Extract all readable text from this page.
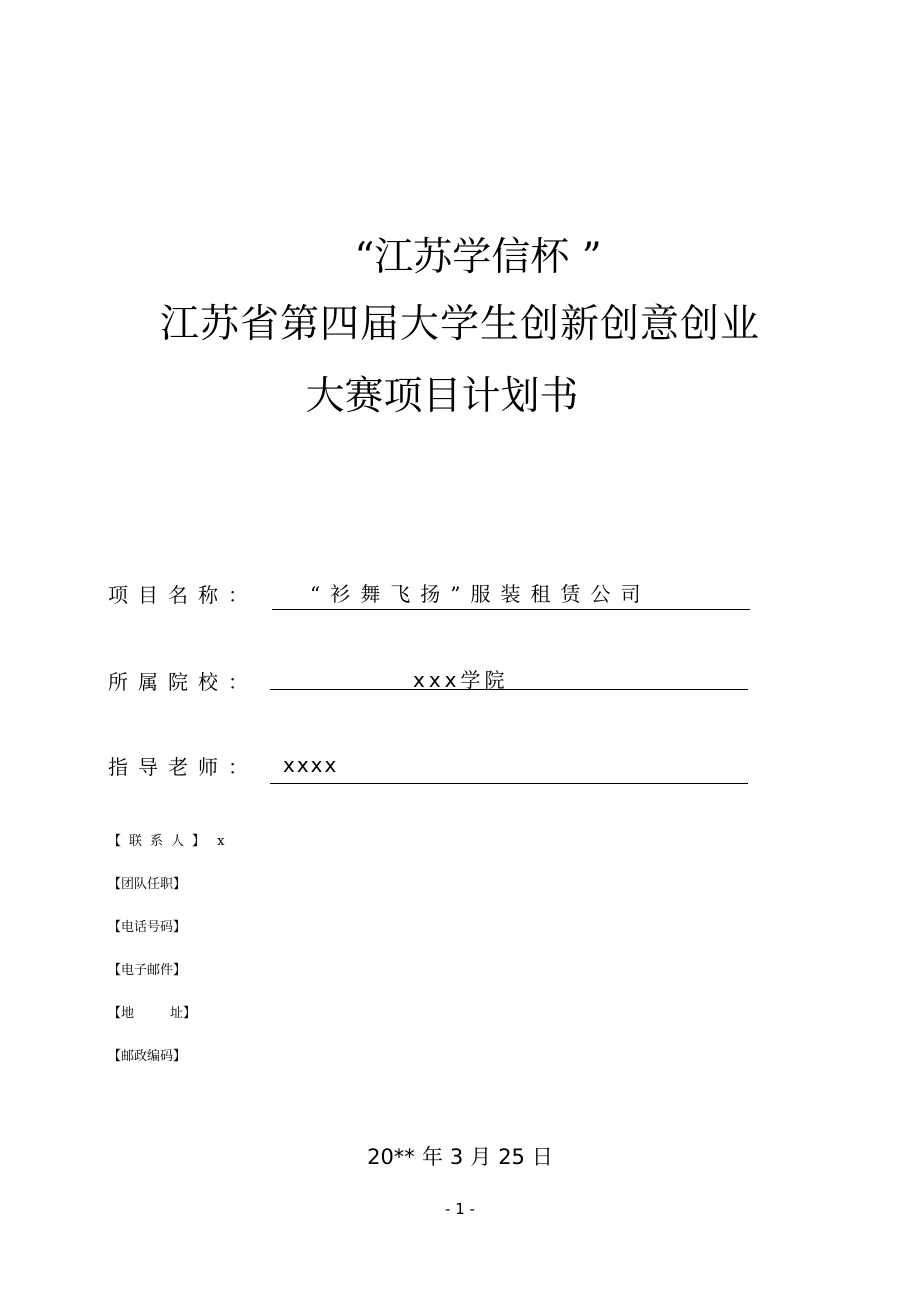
“江苏学信杯 ”
江苏省第四届大学生创新创意创业
大赛项目计划书
项目名称：	“衫舞飞扬”服装租赁公司
所属院校：	xxx学院
指导老师： xxxx
【联系人】 x
【团队任职】
【电话号码】
【电子邮件】
【地	址】
【邮政编码】
20** 年 3 月 25 日
- 1 -
